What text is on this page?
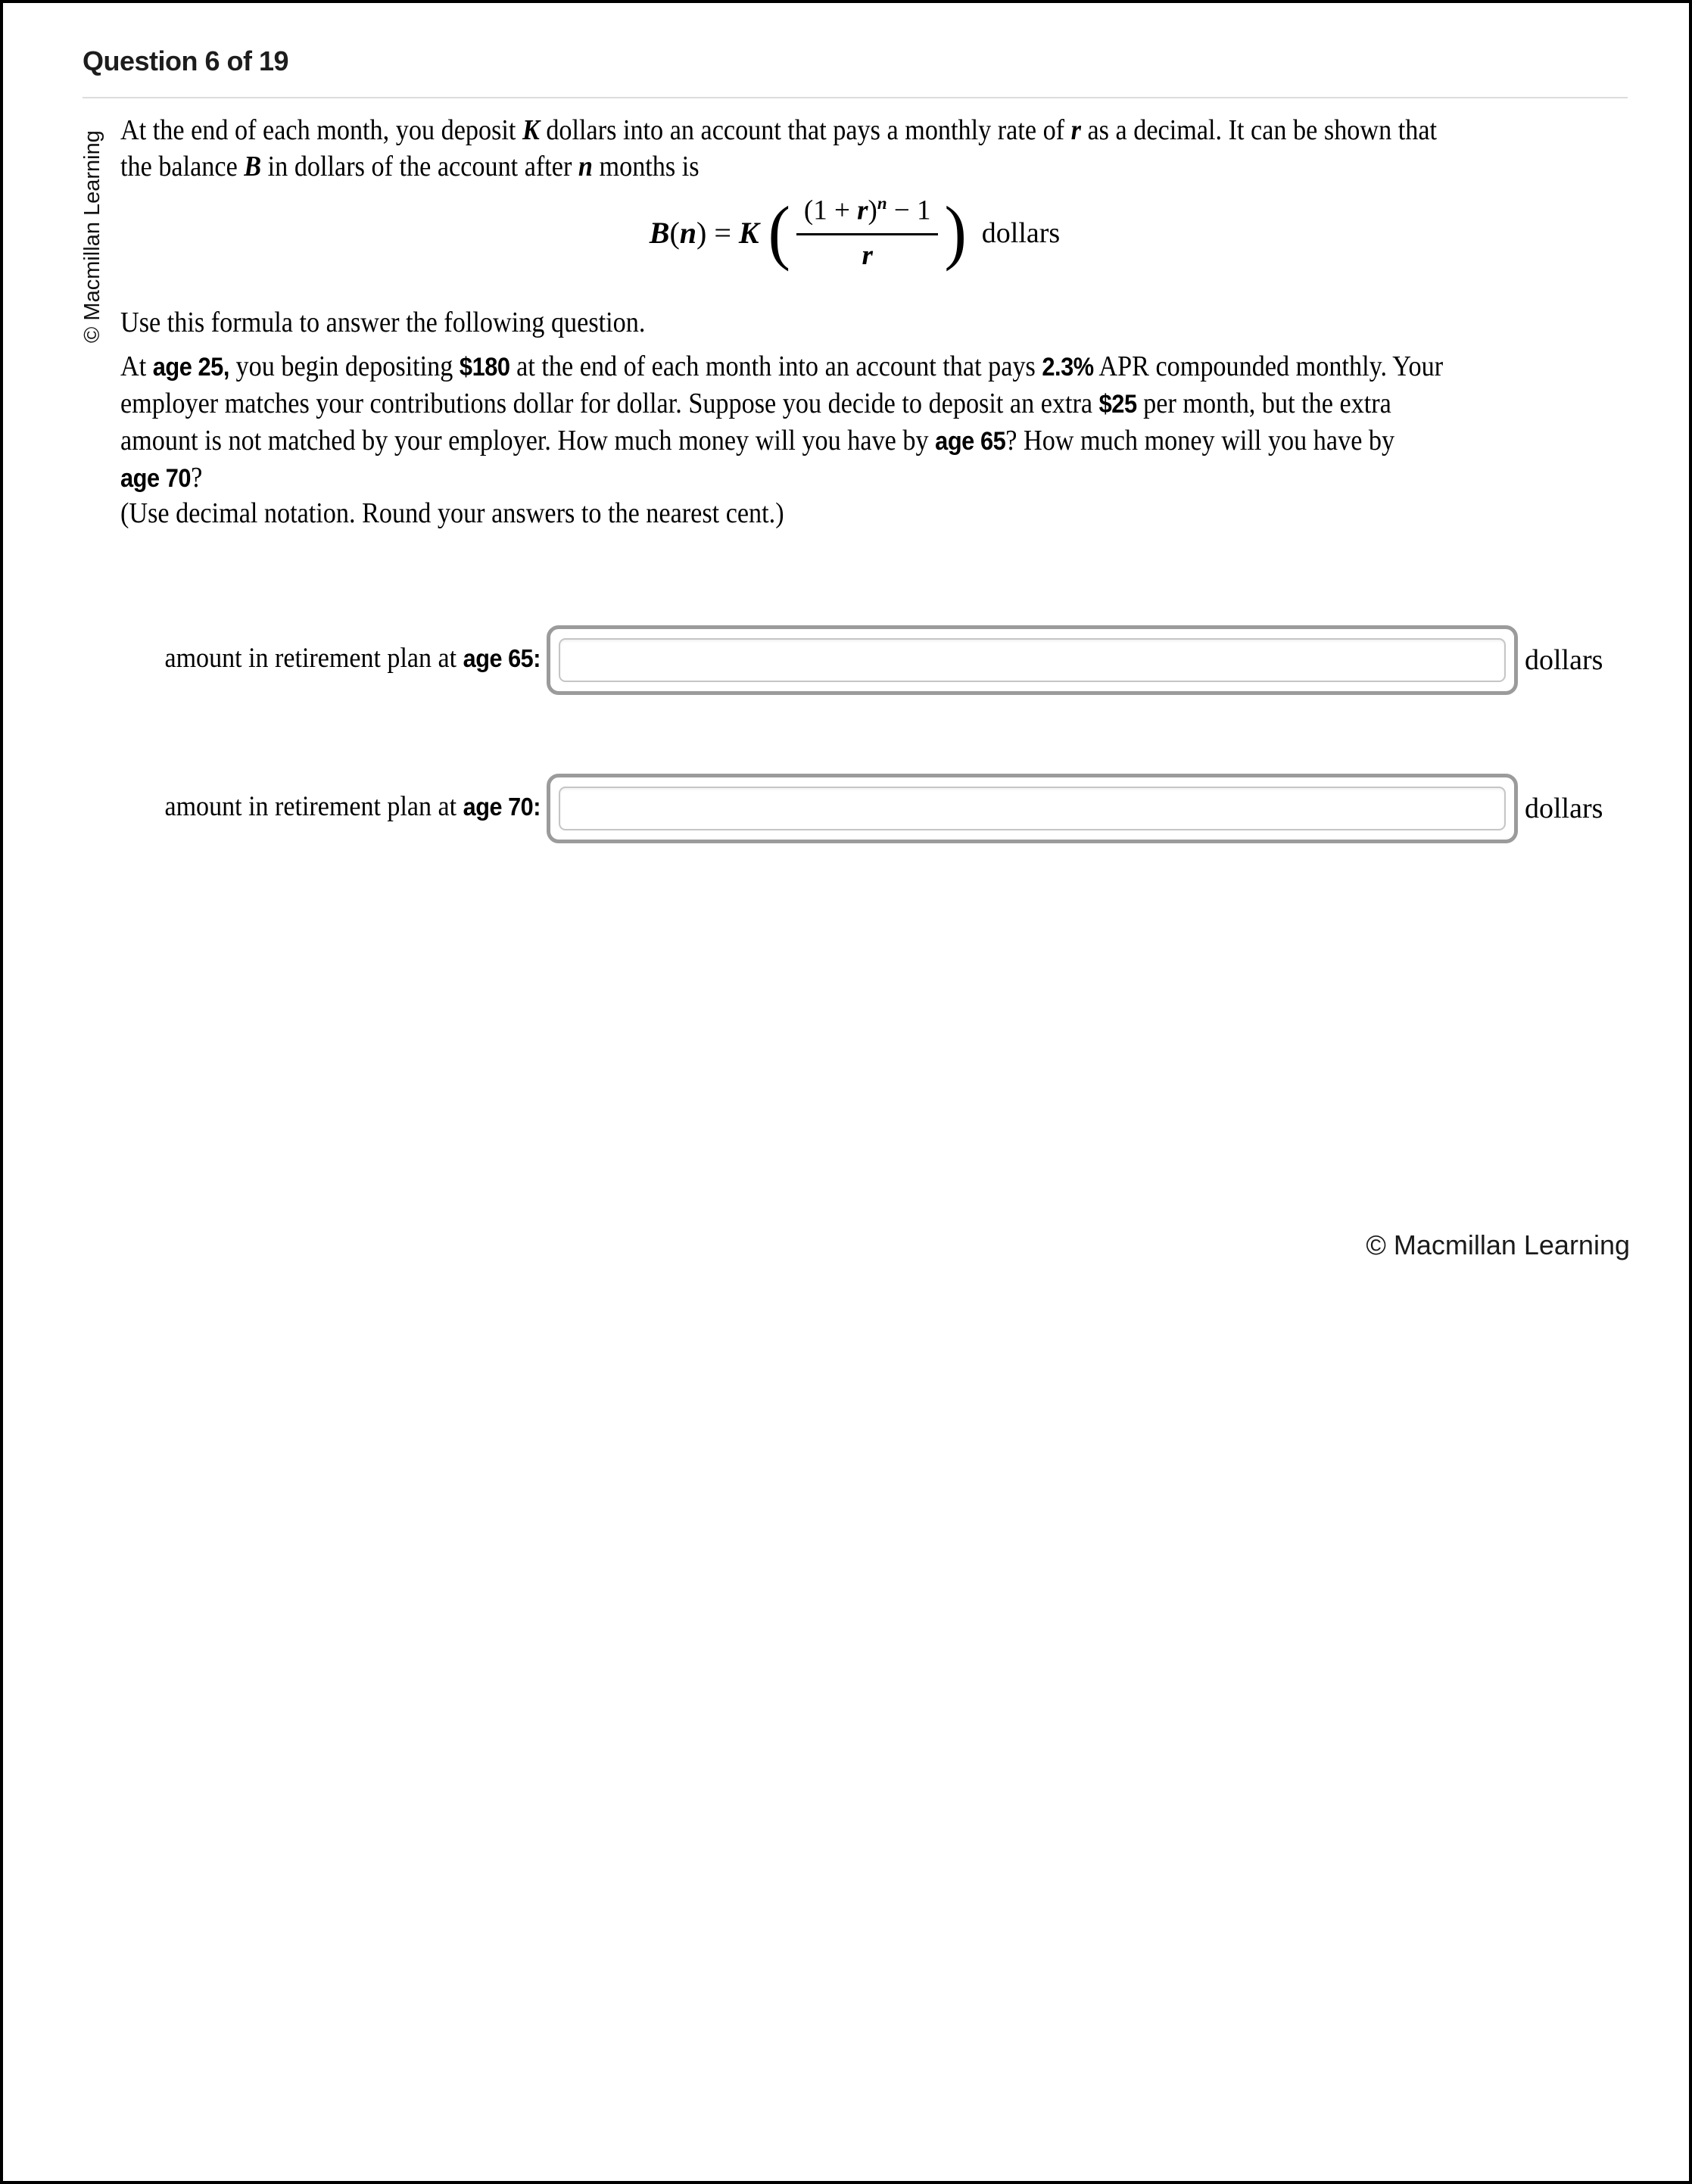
Question 6 of 19
© Macmillan Learning
At the end of each month, you deposit K dollars into an account that pays a monthly rate of r as a decimal. It can be shown that
the balance B in dollars of the account after n months is
B(n) = K ( $\frac{(1 + r)^n - 1}{r}$ ) dollars
Use this formula to answer the following question.
At age 25, you begin depositing $180 at the end of each month into an account that pays 2.3% APR compounded monthly. Your
employer matches your contributions dollar for dollar. Suppose you decide to deposit an extra $25 per month, but the extra
amount is not matched by your employer. How much money will you have by age 65? How much money will you have by
age 70?
(Use decimal notation. Round your answers to the nearest cent.)
amount in retirement plan at age 65:	dollars
amount in retirement plan at age 70:	dollars
© Macmillan Learning
